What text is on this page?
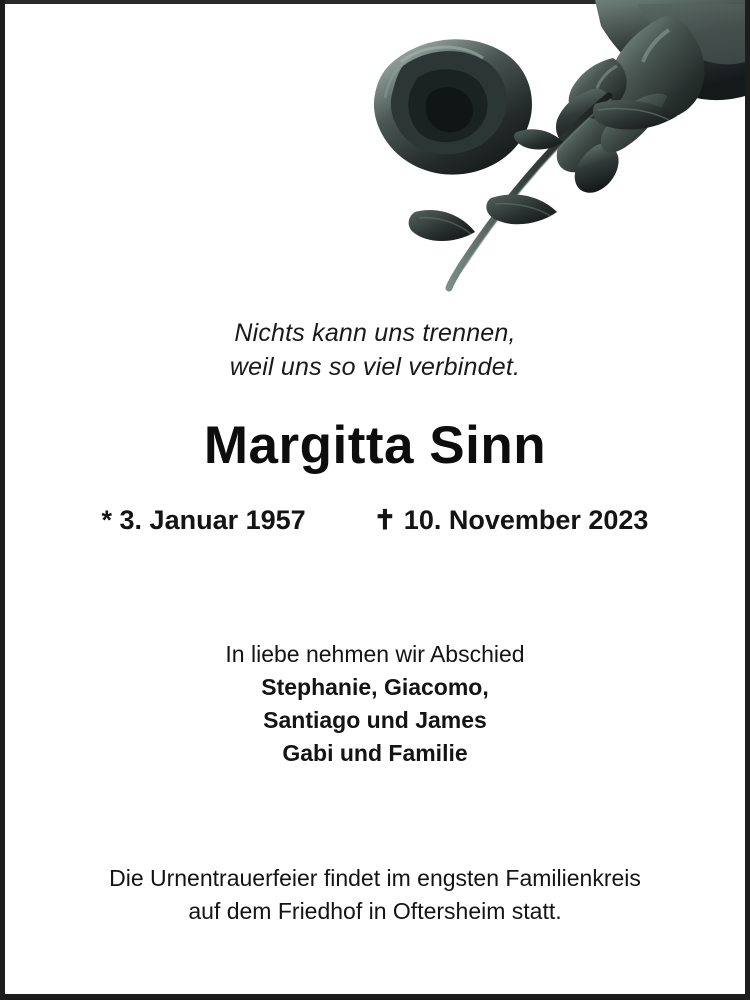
Nichts kann uns trennen,
weil uns so viel verbindet.
Margitta Sinn
* 3. Januar 1957	✝ 10. November 2023
In liebe nehmen wir Abschied
Stephanie, Giacomo,
Santiago und James
Gabi und Familie
Die Urnentrauerfeier findet im engsten Familienkreis
auf dem Friedhof in Oftersheim statt.
